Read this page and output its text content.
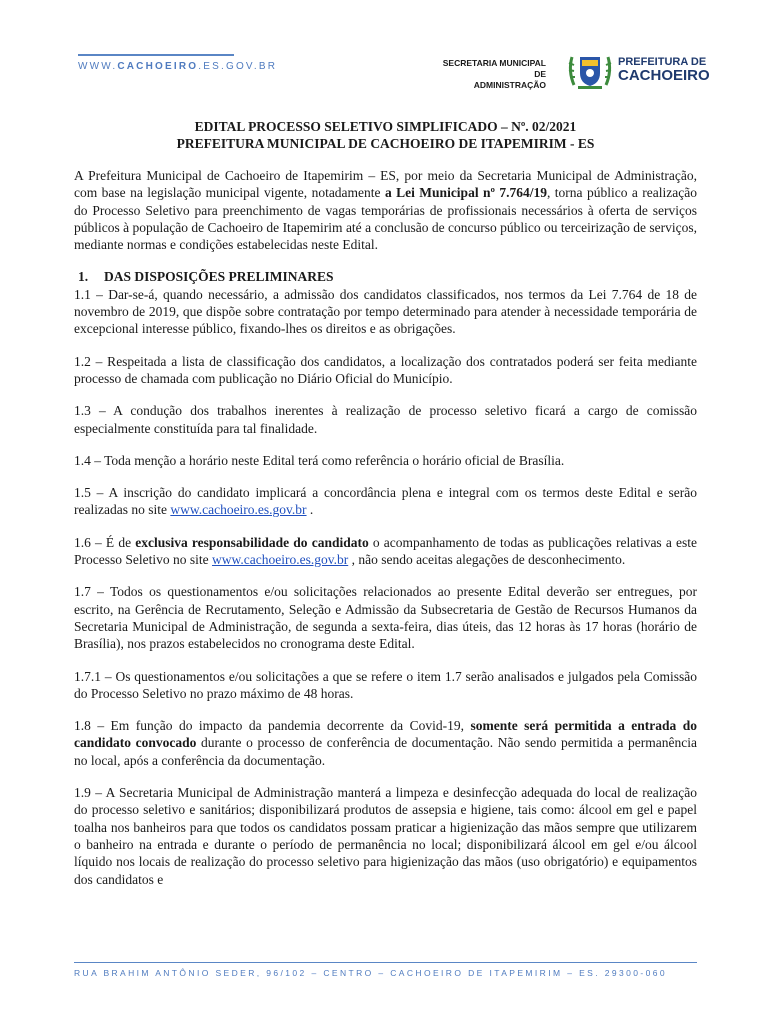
WWW.CACHOEIRO.ES.GOV.BR	SECRETARIA MUNICIPAL DE
ADMINISTRAÇÃO
PREFEITURA DE
CACHOEIRO
EDITAL PROCESSO SELETIVO SIMPLIFICADO – Nº. 02/2021
PREFEITURA MUNICIPAL DE CACHOEIRO DE ITAPEMIRIM - ES

A Prefeitura Municipal de Cachoeiro de Itapemirim – ES, por meio da Secretaria Municipal de Administração, com base na legislação municipal vigente, notadamente a Lei Municipal nº 7.764/19, torna público a realização do Processo Seletivo para preenchimento de vagas temporárias de profissionais necessários à oferta de serviços públicos à população de Cachoeiro de Itapemirim até a conclusão de concurso público ou terceirização de serviços, mediante normas e condições estabelecidas neste Edital.

1. DAS DISPOSIÇÕES PRELIMINARES

1.1 – Dar-se-á, quando necessário, a admissão dos candidatos classificados, nos termos da Lei 7.764 de 18 de novembro de 2019, que dispõe sobre contratação por tempo determinado para atender à necessidade temporária de excepcional interesse público, fixando-lhes os direitos e as obrigações.

1.2 – Respeitada a lista de classificação dos candidatos, a localização dos contratados poderá ser feita mediante processo de chamada com publicação no Diário Oficial do Município.

1.3 – A condução dos trabalhos inerentes à realização de processo seletivo ficará a cargo de comissão especialmente constituída para tal finalidade.

1.4 – Toda menção a horário neste Edital terá como referência o horário oficial de Brasília.

1.5 – A inscrição do candidato implicará a concordância plena e integral com os termos deste Edital e serão realizadas no site www.cachoeiro.es.gov.br .

1.6 – É de exclusiva responsabilidade do candidato o acompanhamento de todas as publicações relativas a este Processo Seletivo no site www.cachoeiro.es.gov.br , não sendo aceitas alegações de desconhecimento.

1.7 – Todos os questionamentos e/ou solicitações relacionados ao presente Edital deverão ser entregues, por escrito, na Gerência de Recrutamento, Seleção e Admissão da Subsecretaria de Gestão de Recursos Humanos da Secretaria Municipal de Administração, de segunda a sexta-feira, dias úteis, das 12 horas às 17 horas (horário de Brasília), nos prazos estabelecidos no cronograma deste Edital.

1.7.1 – Os questionamentos e/ou solicitações a que se refere o item 1.7 serão analisados e julgados pela Comissão do Processo Seletivo no prazo máximo de 48 horas.

1.8 – Em função do impacto da pandemia decorrente da Covid-19, somente será permitida a entrada do candidato convocado durante o processo de conferência de documentação. Não sendo permitida a permanência no local, após a conferência da documentação.

1.9 – A Secretaria Municipal de Administração manterá a limpeza e desinfecção adequada do local de realização do processo seletivo e sanitários; disponibilizará produtos de assepsia e higiene, tais como: álcool em gel e papel toalha nos banheiros para que todos os candidatos possam praticar a higienização das mãos sempre que utilizarem o banheiro na entrada e durante o período de permanência no local; disponibilizará álcool em gel e/ou álcool líquido nos locais de realização do processo seletivo para higienização das mãos (uso obrigatório) e equipamentos dos candidatos e

RUA BRAHIM ANTÔNIO SEDER, 96/102 – CENTRO – CACHOEIRO DE ITAPEMIRIM – ES. 29300-060
